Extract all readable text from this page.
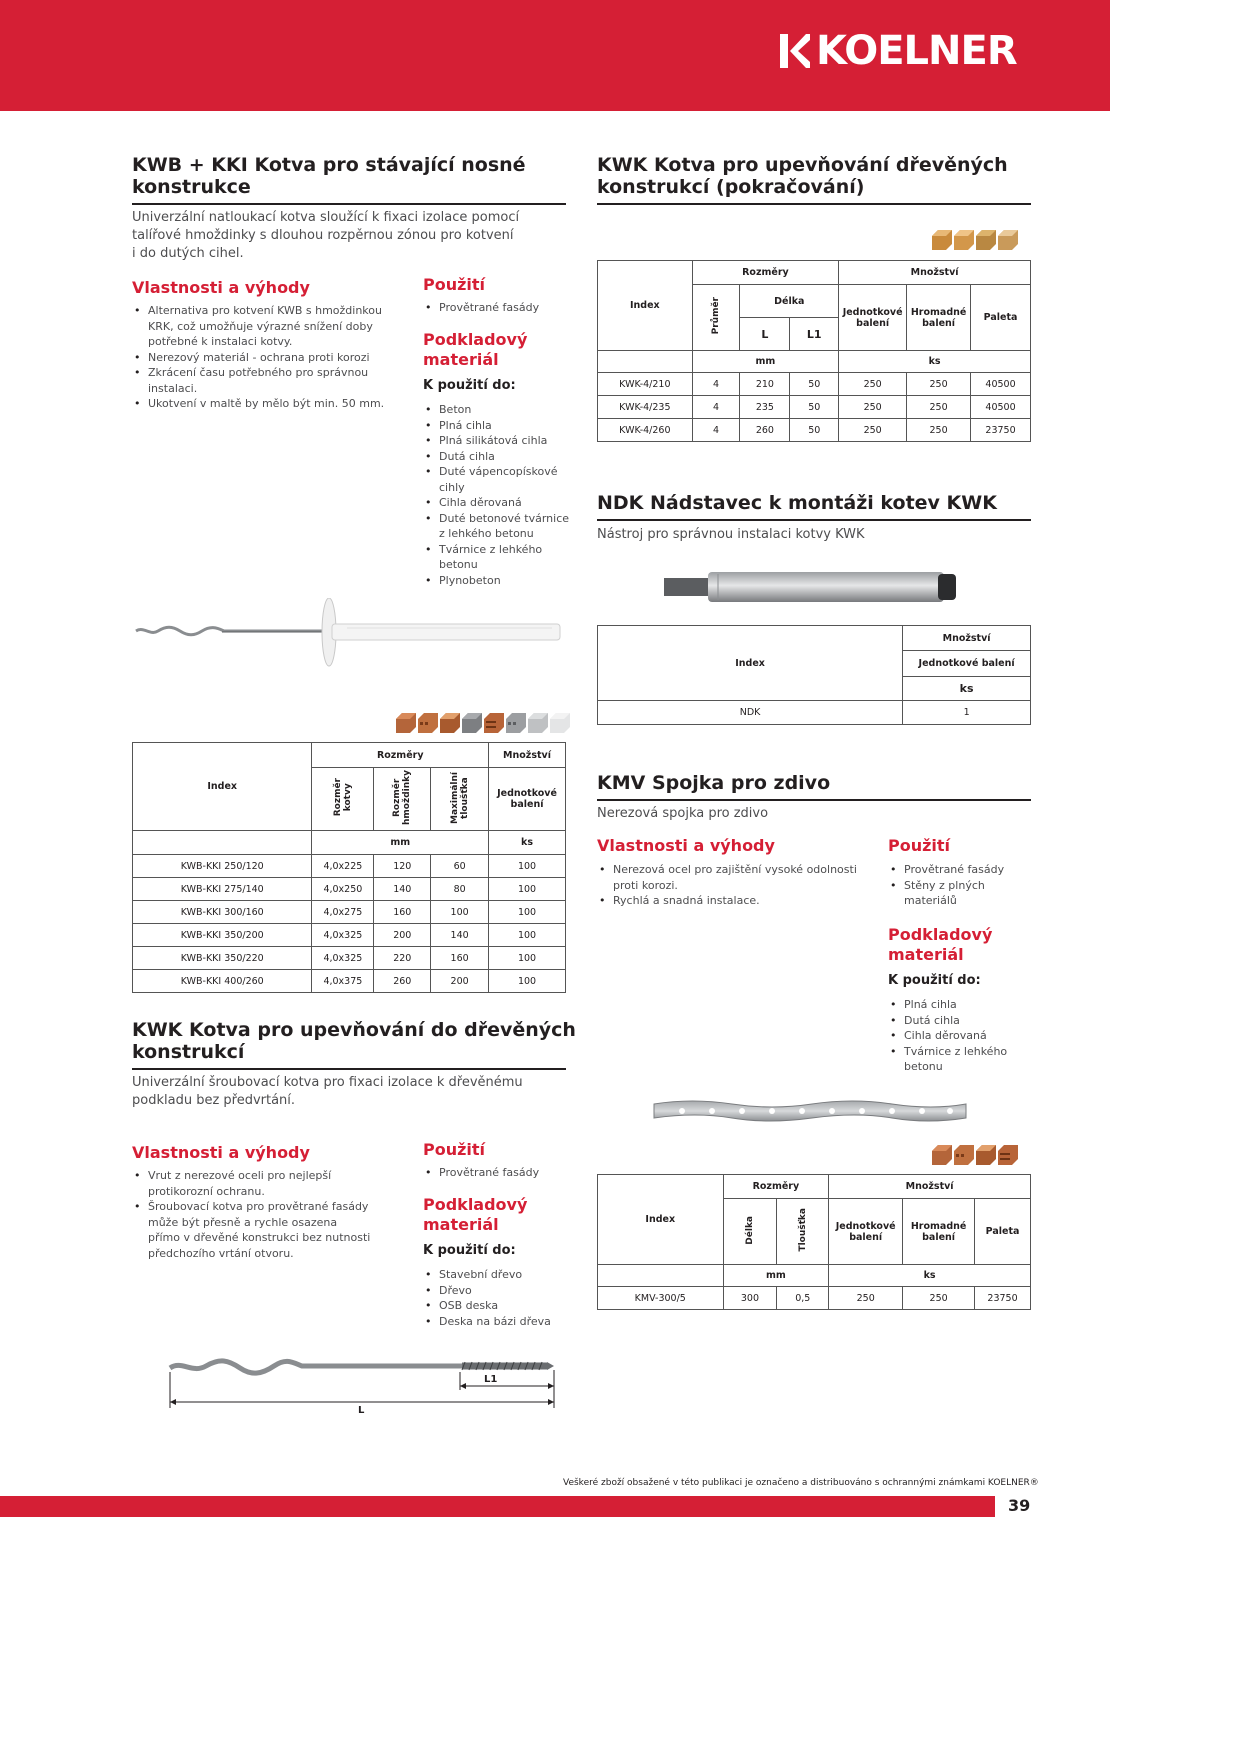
KOELNER
KWB + KKI Kotva pro stávající nosné
konstrukce
Univerzální natloukací kotva sloužící k fixaci izolace pomocí
talířové hmoždinky s dlouhou rozpěrnou zónou pro kotvení
i do dutých cihel.
Vlastnosti a výhody
• Alternativa pro kotvení KWB s hmoždinkou
KRK, což umožňuje výrazné snížení doby
potřebné k instalaci kotvy.
• Nerezový materiál - ochrana proti korozi
• Zkrácení času potřebného pro správnou
instalaci.
• Ukotvení v maltě by mělo být min. 50 mm.
Použití
• Provětrané fasády
Podkladový
materiál
K použití do:
• Beton
• Plná cihla
• Plná silikátová cihla
• Dutá cihla
• Duté vápencopískové
cihly
• Cihla děrovaná
• Duté betonové tvárnice
z lehkého betonu
• Tvárnice z lehkého
betonu
• Plynobeton
Index	Rozměry			Množství
	Rozměr
kotvy	Rozměr
hmoždinky	Maximální
tloušťka	Jednotkové
balení
	mm			ks
KWB-KKI 250/120	4,0x225	120	60	100
KWB-KKI 275/140	4,0x250	140	80	100
KWB-KKI 300/160	4,0x275	160	100	100
KWB-KKI 350/200	4,0x325	200	140	100
KWB-KKI 350/220	4,0x325	220	160	100
KWB-KKI 400/260	4,0x375	260	200	100
KWK Kotva pro upevňování do dřevěných
konstrukcí
Univerzální šroubovací kotva pro fixaci izolace k dřevěnému
podkladu bez předvrtání.
Vlastnosti a výhody
• Vrut z nerezové oceli pro nejlepší
protikorozní ochranu.
• Šroubovací kotva pro provětrané fasády
může být přesně a rychle osazena
přímo v dřevěné konstrukci bez nutnosti
předchozího vrtání otvoru.
Použití
• Provětrané fasády
Podkladový
materiál
K použití do:
• Stavební dřevo
• Dřevo
• OSB deska
• Deska na bázi dřeva
L1
L
KWK Kotva pro upevňování dřevěných
konstrukcí (pokračování)
Index	Rozměry			Množství		
	Průměr	Délka		Jednotkové
balení	Hromadné
balení	Paleta
		L	L1			
	mm			ks		
KWK-4/210	4	210	50	250	250	40500
KWK-4/235	4	235	50	250	250	40500
KWK-4/260	4	260	50	250	250	23750
NDK Nádstavec k montáži kotev KWK
Nástroj pro správnou instalaci kotvy KWK
Index	Množství
	Jednotkové balení
	ks
NDK	1
KMV Spojka pro zdivo
Nerezová spojka pro zdivo
Vlastnosti a výhody
• Nerezová ocel pro zajištění vysoké odolnosti
proti korozi.
• Rychlá a snadná instalace.
Použití
• Provětrané fasády
• Stěny z plných
materiálů
Podkladový
materiál
K použití do:
• Plná cihla
• Dutá cihla
• Cihla děrovaná
• Tvárnice z lehkého
betonu
Index	Rozměry		Množství		
	Délka	Tloušťka	Jednotkové
balení	Hromadné
balení	Paleta
	mm		ks		
KMV-300/5	300	0,5	250	250	23750
Veškeré zboží obsažené v této publikaci je označeno a distribuováno s ochrannými známkami KOELNER®
39
